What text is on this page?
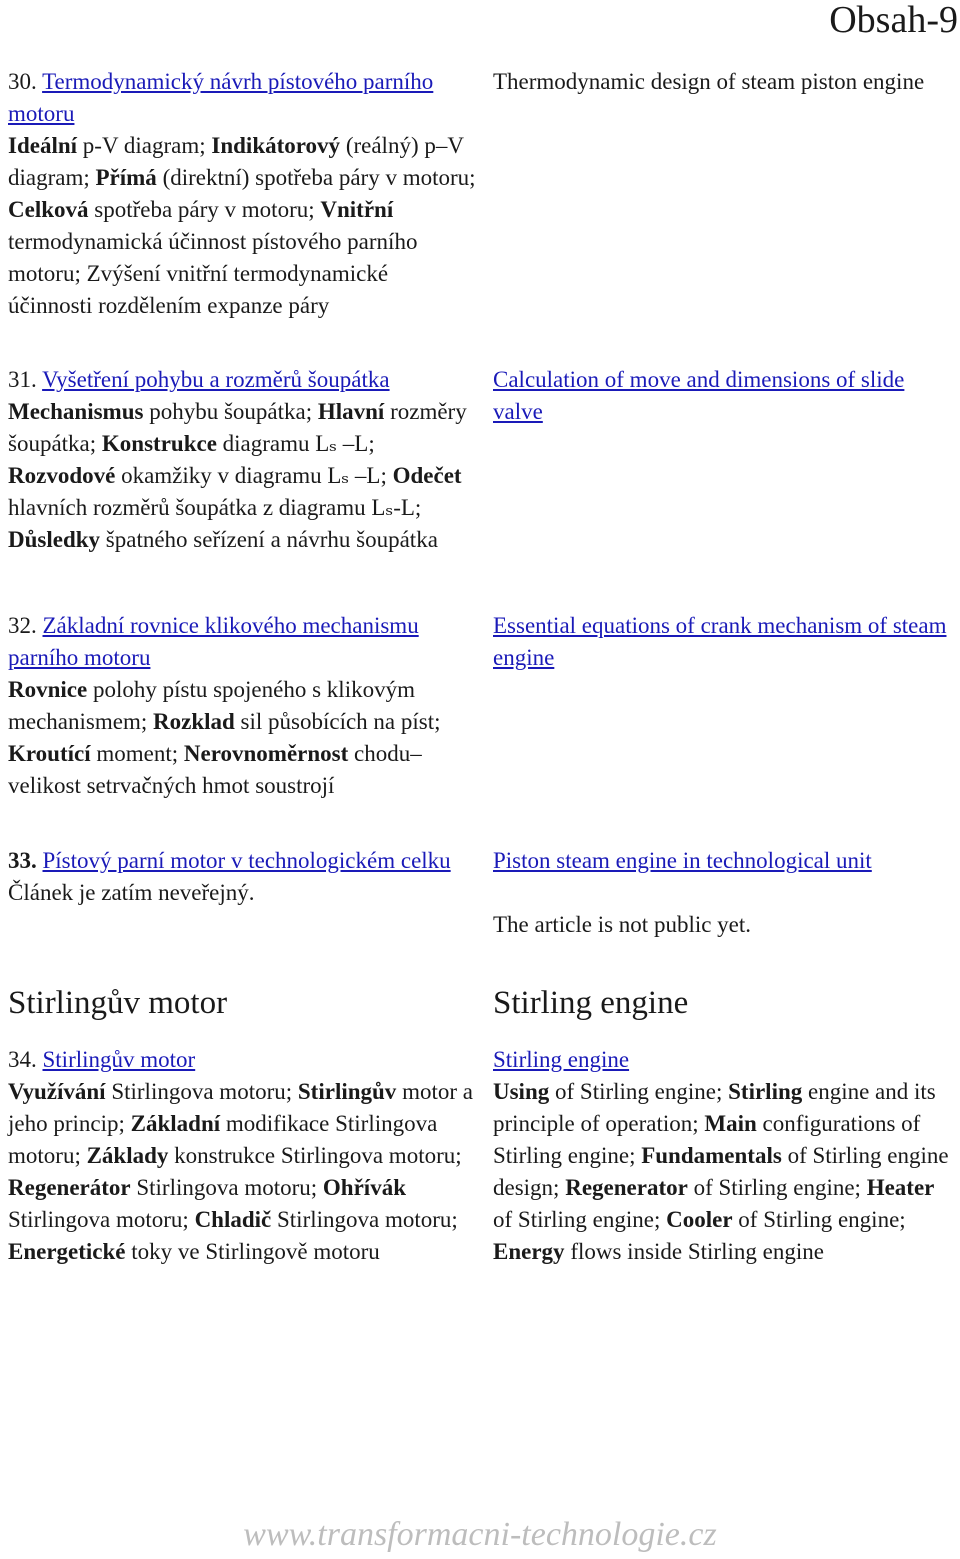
Obsah-9
30. Termodynamický návrh pístového parního motoru
Ideální p-V diagram; Indikátorový (reálný) p–V diagram; Přímá (direktní) spotřeba páry v motoru; Celková spotřeba páry v motoru; Vnitřní termodynamická účinnost pístového parního motoru; Zvýšení vnitřní termodynamické účinnosti rozdělením expanze páry
Thermodynamic design of steam piston engine
31. Vyšetření pohybu a rozměrů šoupátka
Mechanismus pohybu šoupátka; Hlavní rozměry šoupátka; Konstrukce diagramu Lₛ –L; Rozvodové okamžiky v diagramu Lₛ –L; Odečet hlavních rozměrů šoupátka z diagramu Lₛ-L; Důsledky špatného seřízení a návrhu šoupátka
Calculation of move and dimensions of slide valve
32. Základní rovnice klikového mechanismu parního motoru
Rovnice polohy pístu spojeného s klikovým mechanismem; Rozklad sil působících na píst; Kroutící moment; Nerovnoměrnost chodu–velikost setrvačných hmot soustrojí
Essential equations of crank mechanism of steam engine
33. Pístový parní motor v technologickém celku
Článek je zatím neveřejný.
Piston steam engine in technological unit
The article is not public yet.
Stirlingův motor	Stirling engine
34. Stirlingův motor
Využívání Stirlingova motoru; Stirlingův motor a jeho princip; Základní modifikace Stirlingova motoru; Základy konstrukce Stirlingova motoru; Regenerátor Stirlingova motoru; Ohřívák Stirlingova motoru; Chladič Stirlingova motoru; Energetické toky ve Stirlingově motoru
Stirling engine
Using of Stirling engine; Stirling engine and its principle of operation; Main configurations of Stirling engine; Fundamentals of Stirling engine design; Regenerator of Stirling engine; Heater of Stirling engine; Cooler of Stirling engine; Energy flows inside Stirling engine
www.transformacni-technologie.cz
